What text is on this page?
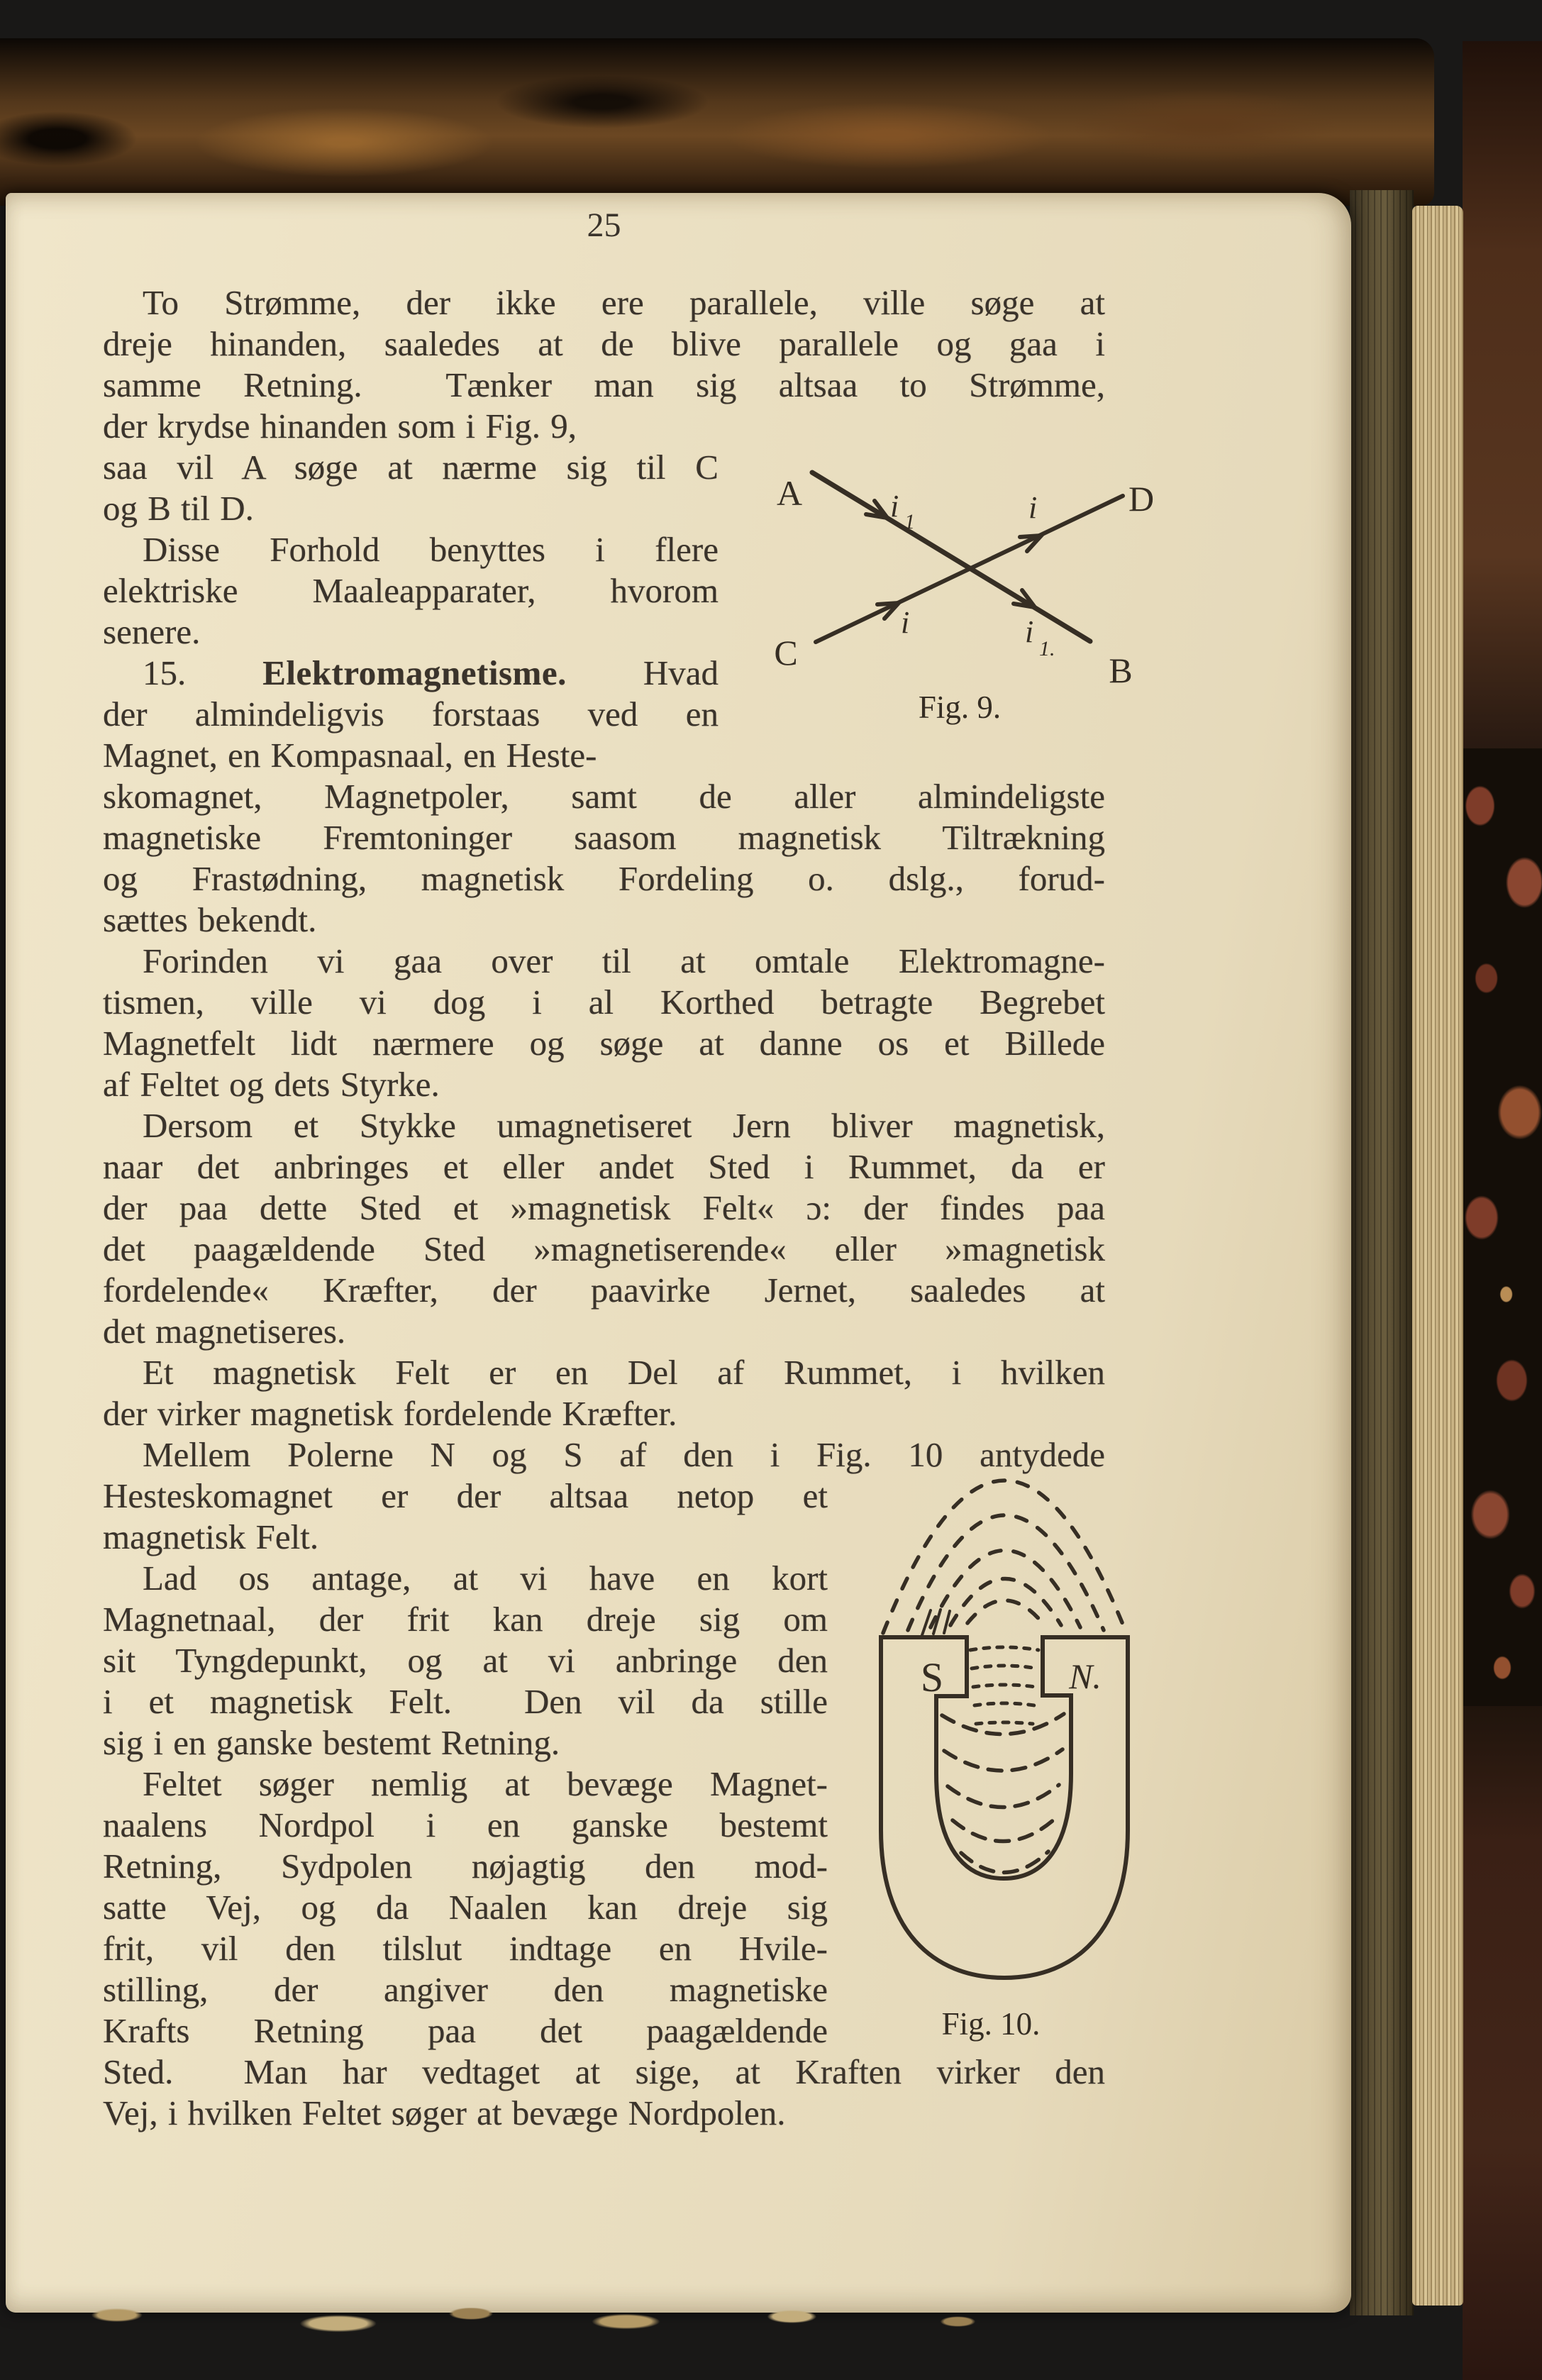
25
To Strømme, der ikke ere parallele, ville søge at
dreje hinanden, saaledes at de blive parallele og gaa i
samme Retning.  Tænker man sig altsaa to Strømme,
der krydse hinanden som i Fig. 9,
saa vil A søge at nærme sig til C
og B til D.
Disse Forhold benyttes i flere
elektriske Maaleapparater, hvorom
senere.
15.  Elektromagnetisme.  Hvad
der almindeligvis forstaas ved en
Magnet, en Kompasnaal, en Heste-
skomagnet, Magnetpoler, samt de aller almindeligste
magnetiske Fremtoninger saasom magnetisk Tiltrækning
og Frastødning, magnetisk Fordeling o. dslg., forud-
sættes bekendt.
Forinden vi gaa over til at omtale Elektromagne-
tismen, ville vi dog i al Korthed betragte Begrebet
Magnetfelt lidt nærmere og søge at danne os et Billede
af Feltet og dets Styrke.
Dersom et Stykke umagnetiseret Jern bliver magnetisk,
naar det anbringes et eller andet Sted i Rummet, da er
der paa dette Sted et »magnetisk Felt« ɔ: der findes paa
det paagældende Sted »magnetiserende« eller »magnetisk
fordelende« Kræfter, der paavirke Jernet, saaledes at
det magnetiseres.
Et magnetisk Felt er en Del af Rummet, i hvilken
der virker magnetisk fordelende Kræfter.
Mellem Polerne N og S af den i Fig. 10 antydede
Hesteskomagnet er der altsaa netop et
magnetisk Felt.
Lad os antage, at vi have en kort
Magnetnaal, der frit kan dreje sig om
sit Tyngdepunkt, og at vi anbringe den
i et magnetisk Felt.  Den vil da stille
sig i en ganske bestemt Retning.
Feltet søger nemlig at bevæge Magnet-
naalens Nordpol i en ganske bestemt
Retning, Sydpolen nøjagtig den mod-
satte Vej, og da Naalen kan dreje sig
frit, vil den tilslut indtage en Hvile-
stilling, der angiver den magnetiske
Krafts Retning paa det paagældende
Sted.  Man har vedtaget at sige, at Kraften virker den
Vej, i hvilken Feltet søger at bevæge Nordpolen.
A	D
C	B
i 1	i
i	i 1.
Fig. 9.
S	N.
Fig. 10.
